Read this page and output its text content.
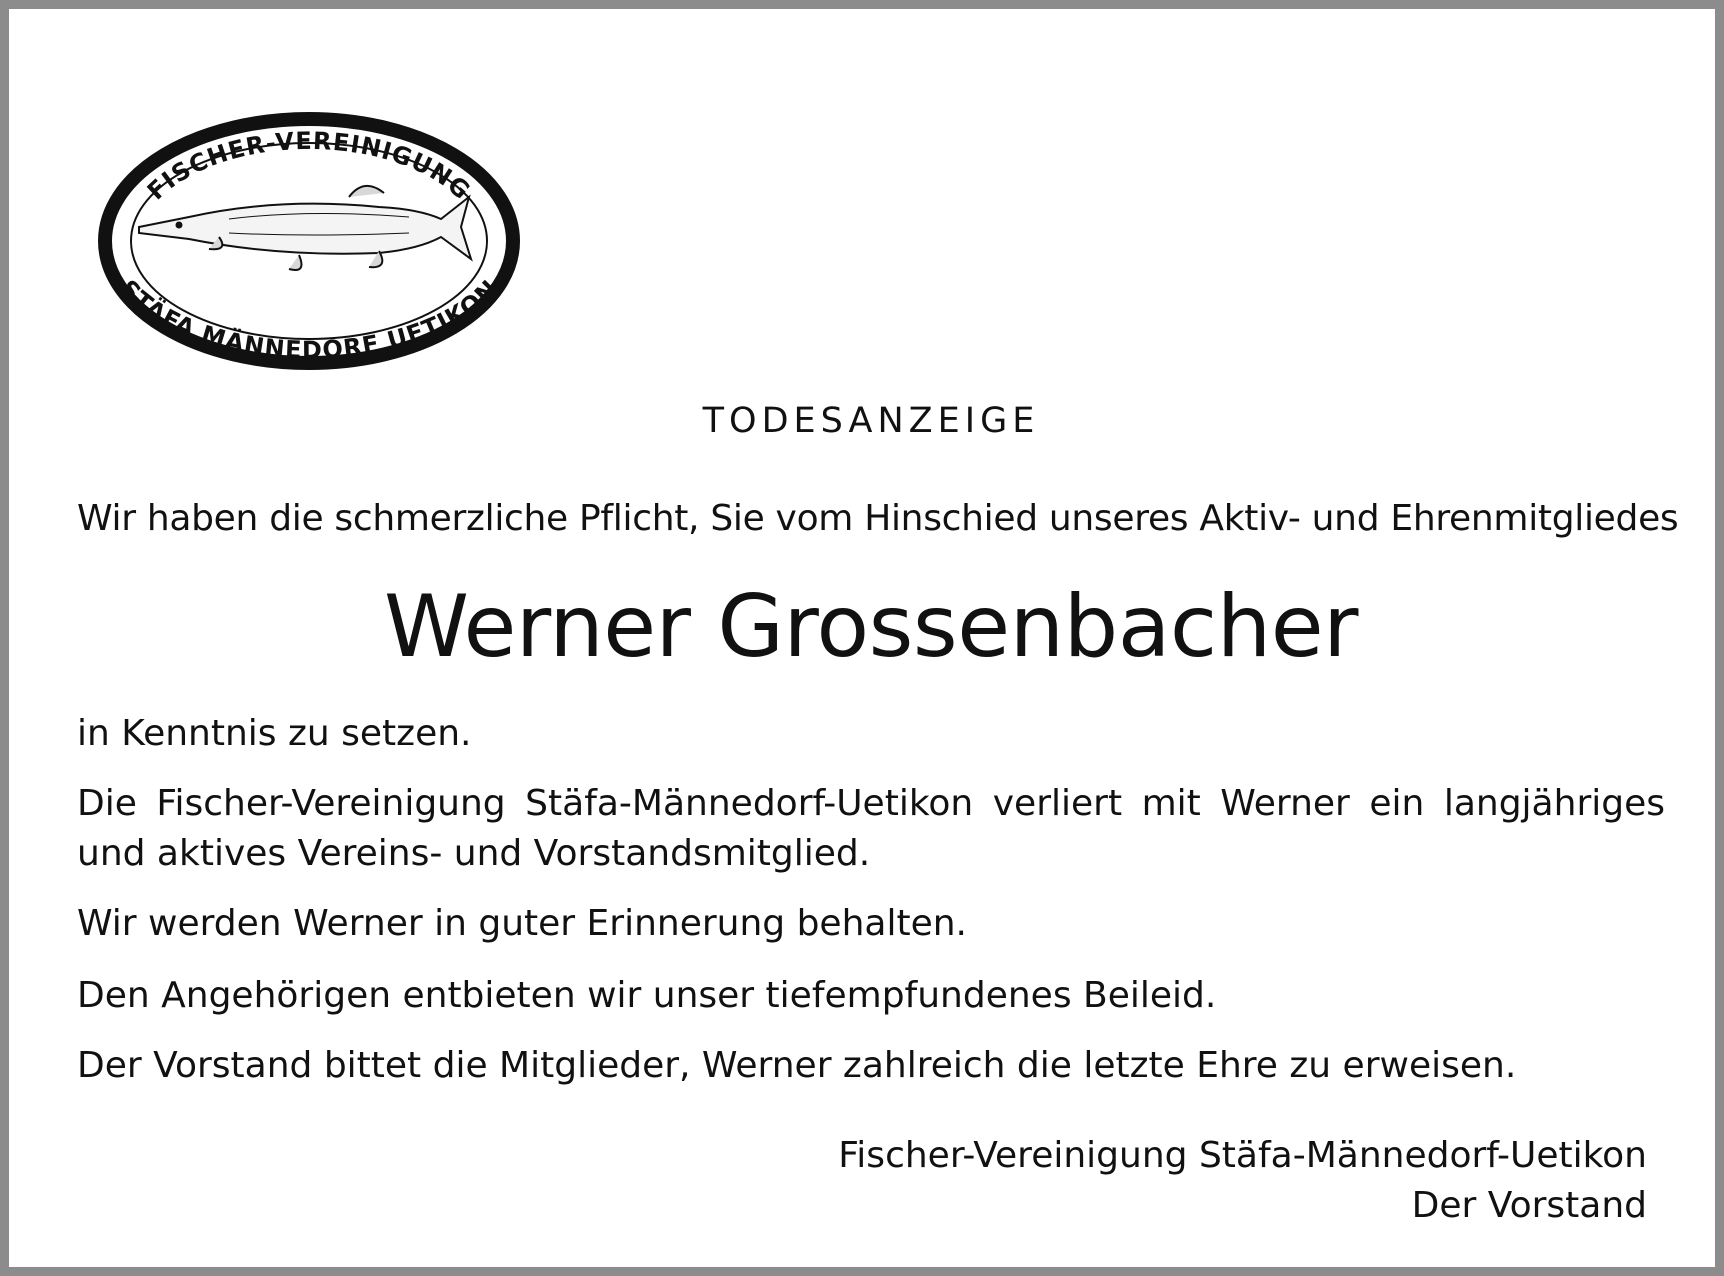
FISCHER-VEREINIGUNG
STÄFA MÄNNEDORF UETIKON
TODESANZEIGE
Wir haben die schmerzliche Pflicht, Sie vom Hinschied unseres Aktiv- und Ehrenmitgliedes
Werner Grossenbacher
in Kenntnis zu setzen.
Die Fischer-Vereinigung Stäfa-Männedorf-Uetikon verliert mit Werner ein langjähriges und aktives Vereins- und Vorstandsmitglied.
Wir werden Werner in guter Erinnerung behalten.
Den Angehörigen entbieten wir unser tiefempfundenes Beileid.
Der Vorstand bittet die Mitglieder, Werner zahlreich die letzte Ehre zu erweisen.
Fischer-Vereinigung Stäfa-Männedorf-Uetikon
Der Vorstand
